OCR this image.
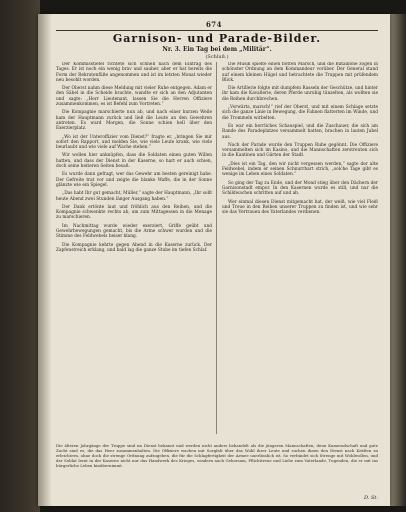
674
Garnison- und Parade-Bilder.
Nr. 3. Ein Tag bei dem „Militär“.
(Schluß.)

Der Kommisstiefel richtete sich schnell nach dem Eintrag des Tages. Er ist noch ein wenig brav und sauber, aber er hat bereits die Form der Rekrutenfüße angenommen und ist im letzten Monat wieder neu besohlt worden.

Der Oberst nahm diese Meldung mit vieler Ruhe entgegen. Adam er den Säbel in die Scheide brachte, wandte er sich an den Adjutanten und sagte: „Herr Lieutenant, lassen Sie die Herren Offiziere zusammenkommen, es ist Befehl zum Vortreten.“

Die Kompagnie marschierte nun ab, und nach einer kurzen Weile kam der Hauptmann zurück und ließ die Leute an den Gewehren antreten. Es ward Morgen, die Sonne schien hell über den Exerzierplatz.

„Wo ist der Unteroffizier vom Dienst?“ fragte er, „bringen Sie mir sofort den Rapport, und melden Sie, wie viele Leute krank, wie viele beurlaubt und wie viele auf Wache stehen.“

Wir wollen hier anknüpfen, dass die Soldaten einen guten Willen hatten, und dass der Dienst in der Kaserne, so hart er auch schien, doch seine heiteren Seiten besaß.

Es wurde dann gefragt, wer das Gewehr am besten gereinigt habe. Der Gefreite trat vor und zeigte die blanke Waffe, die in der Sonne glänzte wie ein Spiegel.

„Das habt Ihr gut gemacht, Müller,“ sagte der Hauptmann, „Ihr sollt heute Abend zwei Stunden länger Ausgang haben.“

Der Dank ertönte laut und fröhlich aus den Reihen, und die Kompagnie schwenkte rechts ab, um zum Mittagessen in die Menage zu marschieren.

Im Nachmittag wurde wieder exerziert, Griffe geübt und Gewehrbewegungen gemacht, bis die Arme schwer wurden und die Stimme des Feldwebels heiser klang.

Die Kompagnie kehrte gegen Abend in die Kaserne zurück. Der Zapfenstreich erklang, und bald lag die ganze Stube im tiefen Schlaf.

Die Musik spielte einen flotten Marsch, und die Bataillone zogen in schönster Ordnung an dem Kommandeur vorüber. Der General stand auf einem kleinen Hügel und betrachtete die Truppen mit prüfendem Blick.

Die Artillerie folgte mit dumpfem Rasseln der Geschütze, und hinter ihr kam die Kavallerie, deren Pferde unruhig tänzelten, als wollten sie die Reihen durchbrechen.

„Vorwärts, marsch!“ rief der Oberst, und mit einem Schlage setzte sich die ganze Linie in Bewegung, die Fahnen flatterten im Winde, und die Trommeln wirbelten.

Es war ein herrliches Schauspiel, und die Zuschauer, die sich am Rande des Paradeplatzes versammelt hatten, brachen in lauten Jubel aus.

Nach der Parade wurde den Truppen Ruhe gegönnt. Die Offiziere versammelten sich im Kasino, und die Mannschaften zerstreuten sich in die Kantinen und Gärten der Stadt.

„Dies ist ein Tag, den wir nicht vergessen werden,“ sagte der alte Feldwebel, indem er seinen Schnurrbart strich, „solche Tage gibt es wenige im Leben eines Soldaten.“

So ging der Tag zu Ende, und der Mond stieg über den Dächern der Garnisonstadt empor. In den Kasernen wurde es still, und nur die Schildwachen schritten auf und ab.

Wer einmal diesen Dienst mitgemacht hat, der weiß, wie viel Fleiß und Treue in den Reihen unserer Truppen zu finden ist, und wie sehr sie das Vertrauen des Vaterlandes verdienen.

Die älteren Jahrgänge der Truppe sind im Dienst bekannt und werden nicht anders behandelt als die jüngeren Mannschaften; denn Kameradschaft und gute Zucht sind es, die das Heer zusammenhalten. Die Offiziere wachen mit Sorgfalt über das Wohl ihrer Leute und suchen ihnen den Dienst nach Kräften zu erleichtern, ohne doch die strenge Ordnung aufzugeben, die für die Schlagfertigkeit der Armee unerlässlich ist. So verbindet sich Strenge mit Wohlwollen, und der Soldat lernt in der Kaserne nicht nur das Handwerk des Krieges, sondern auch Gehorsam, Pflichttreue und Liebe zum Vaterlande, Tugenden, die er mit ins bürgerliche Leben hinübernimmt.

D. St.
